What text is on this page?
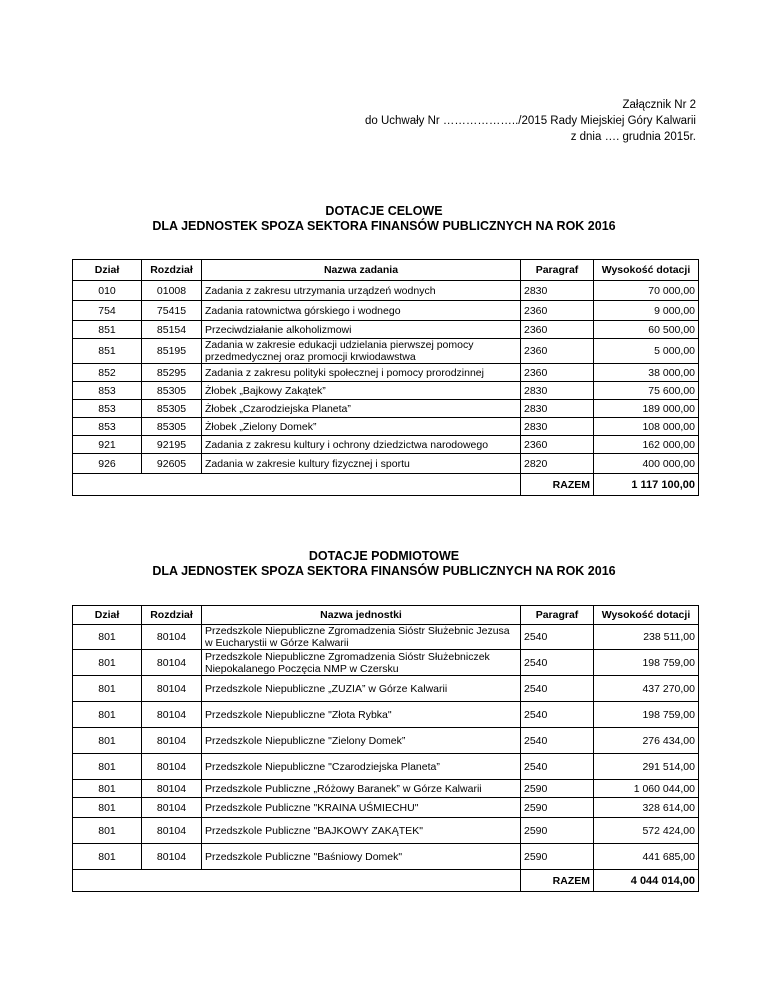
Załącznik Nr 2
do Uchwały Nr ………………../2015 Rady Miejskiej Góry Kalwarii
z dnia …. grudnia 2015r.
DOTACJE CELOWE
DLA JEDNOSTEK SPOZA SEKTORA FINANSÓW PUBLICZNYCH NA ROK 2016
Dział	Rozdział	Nazwa zadania	Paragraf	Wysokość dotacji
010	01008	Zadania z zakresu utrzymania urządzeń wodnych	2830	70 000,00
754	75415	Zadania ratownictwa górskiego i wodnego	2360	9 000,00
851	85154	Przeciwdziałanie alkoholizmowi	2360	60 500,00
851	85195	Zadania w zakresie edukacji udzielania pierwszej pomocy przedmedycznej oraz promocji krwiodawstwa	2360	5 000,00
852	85295	Zadania z zakresu polityki społecznej i pomocy prorodzinnej	2360	38 000,00
853	85305	Żłobek „Bajkowy Zakątek”	2830	75 600,00
853	85305	Żłobek „Czarodziejska Planeta”	2830	189 000,00
853	85305	Żłobek „Zielony Domek”	2830	108 000,00
921	92195	Zadania z zakresu kultury i ochrony dziedzictwa narodowego	2360	162 000,00
926	92605	Zadania w zakresie kultury fizycznej i sportu	2820	400 000,00
			RAZEM	1 117 100,00
DOTACJE PODMIOTOWE
DLA JEDNOSTEK SPOZA SEKTORA FINANSÓW PUBLICZNYCH NA ROK 2016
Dział	Rozdział	Nazwa jednostki	Paragraf	Wysokość dotacji
801	80104	Przedszkole Niepubliczne Zgromadzenia Sióstr Służebnic Jezusa w Eucharystii w Górze Kalwarii	2540	238 511,00
801	80104	Przedszkole Niepubliczne Zgromadzenia Sióstr Służebniczek Niepokalanego Poczęcia NMP w Czersku	2540	198 759,00
801	80104	Przedszkole Niepubliczne „ZUZIA” w Górze Kalwarii	2540	437 270,00
801	80104	Przedszkole Niepubliczne "Złota Rybka"	2540	198 759,00
801	80104	Przedszkole Niepubliczne "Zielony Domek”	2540	276 434,00
801	80104	Przedszkole Niepubliczne "Czarodziejska Planeta”	2540	291 514,00
801	80104	Przedszkole Publiczne „Różowy Baranek” w Górze Kalwarii	2590	1 060 044,00
801	80104	Przedszkole Publiczne "KRAINA UŚMIECHU"	2590	328 614,00
801	80104	Przedszkole Publiczne "BAJKOWY ZAKĄTEK"	2590	572 424,00
801	80104	Przedszkole Publiczne "Baśniowy Domek"	2590	441 685,00
			RAZEM	4 044 014,00
